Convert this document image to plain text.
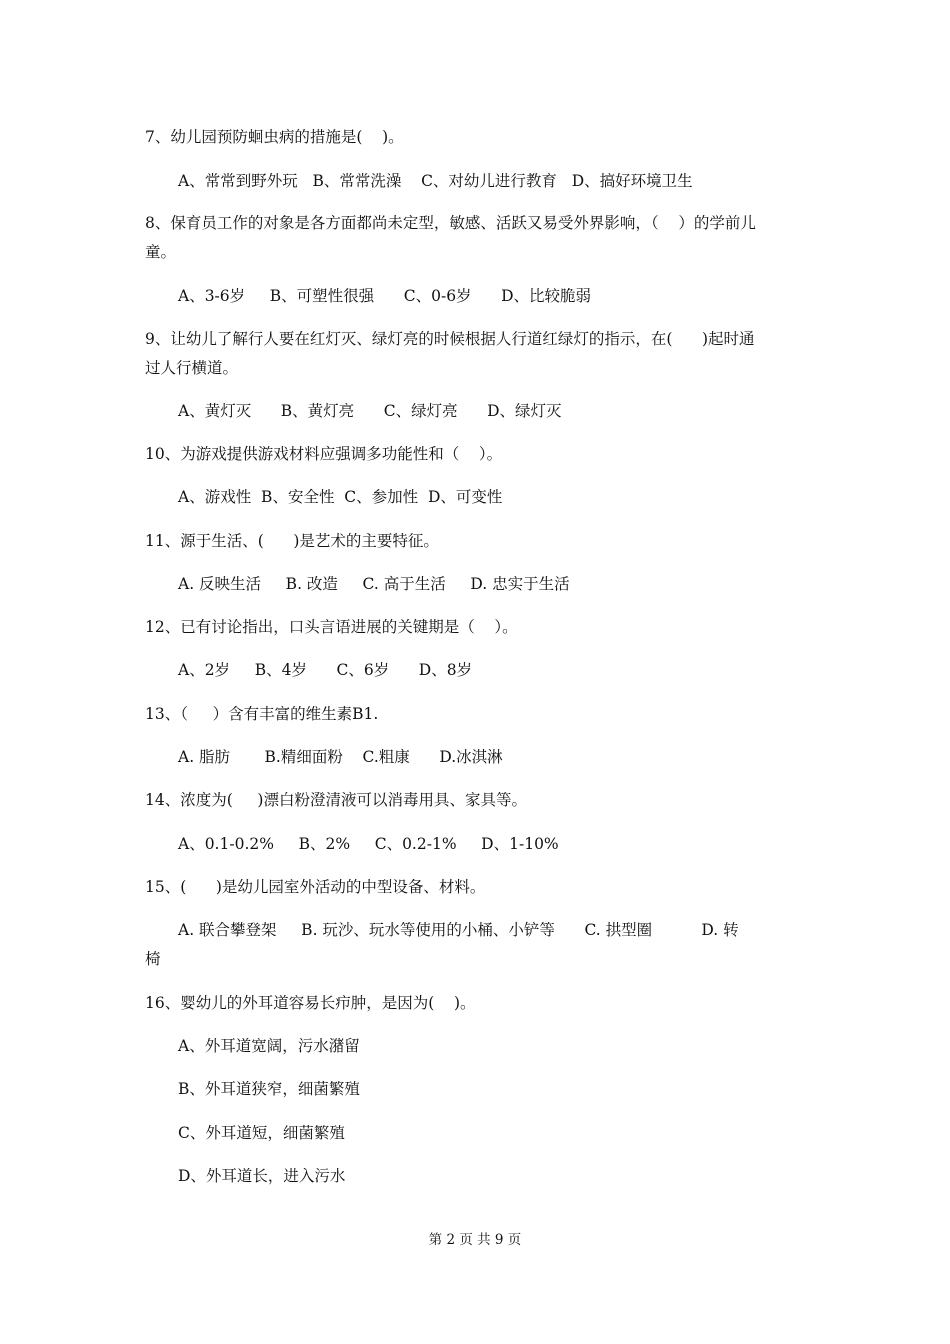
7、幼儿园预防蛔虫病的措施是(    )。
A、常常到野外玩   B、常常洗澡    C、对幼儿进行教育   D、搞好环境卫生
8、保育员工作的对象是各方面都尚未定型，敏感、活跃又易受外界影响，（    ）的学前儿
童。
A、3-6岁     B、可塑性很强      C、0-6岁      D、比较脆弱
9、让幼儿了解行人要在红灯灭、绿灯亮的时候根据人行道红绿灯的指示，在(      )起时通
过人行横道。
A、黄灯灭      B、黄灯亮      C、绿灯亮      D、绿灯灭
10、为游戏提供游戏材料应强调多功能性和（    ）。
A、游戏性  B、安全性  C、参加性  D、可变性
11、源于生活、(      )是艺术的主要特征。
A. 反映生活     B. 改造     C. 高于生活     D. 忠实于生活
12、已有讨论指出，口头言语进展的关键期是（    ）。
A、2岁     B、4岁      C、6岁      D、8岁
13、（     ）含有丰富的维生素B1.
A. 脂肪       B.精细面粉    C.粗康      D.冰淇淋
14、浓度为(     )漂白粉澄清液可以消毒用具、家具等。
A、0.1-0.2%     B、2%     C、0.2-1%     D、1-10%
15、(      )是幼儿园室外活动的中型设备、材料。
A. 联合攀登架     B. 玩沙、玩水等使用的小桶、小铲等      C. 拱型圈          D. 转
椅
16、婴幼儿的外耳道容易长疖肿，是因为(    )。
A、外耳道宽阔，污水潴留
B、外耳道狭窄，细菌繁殖
C、外耳道短，细菌繁殖
D、外耳道长，进入污水
第 2 页 共 9 页
